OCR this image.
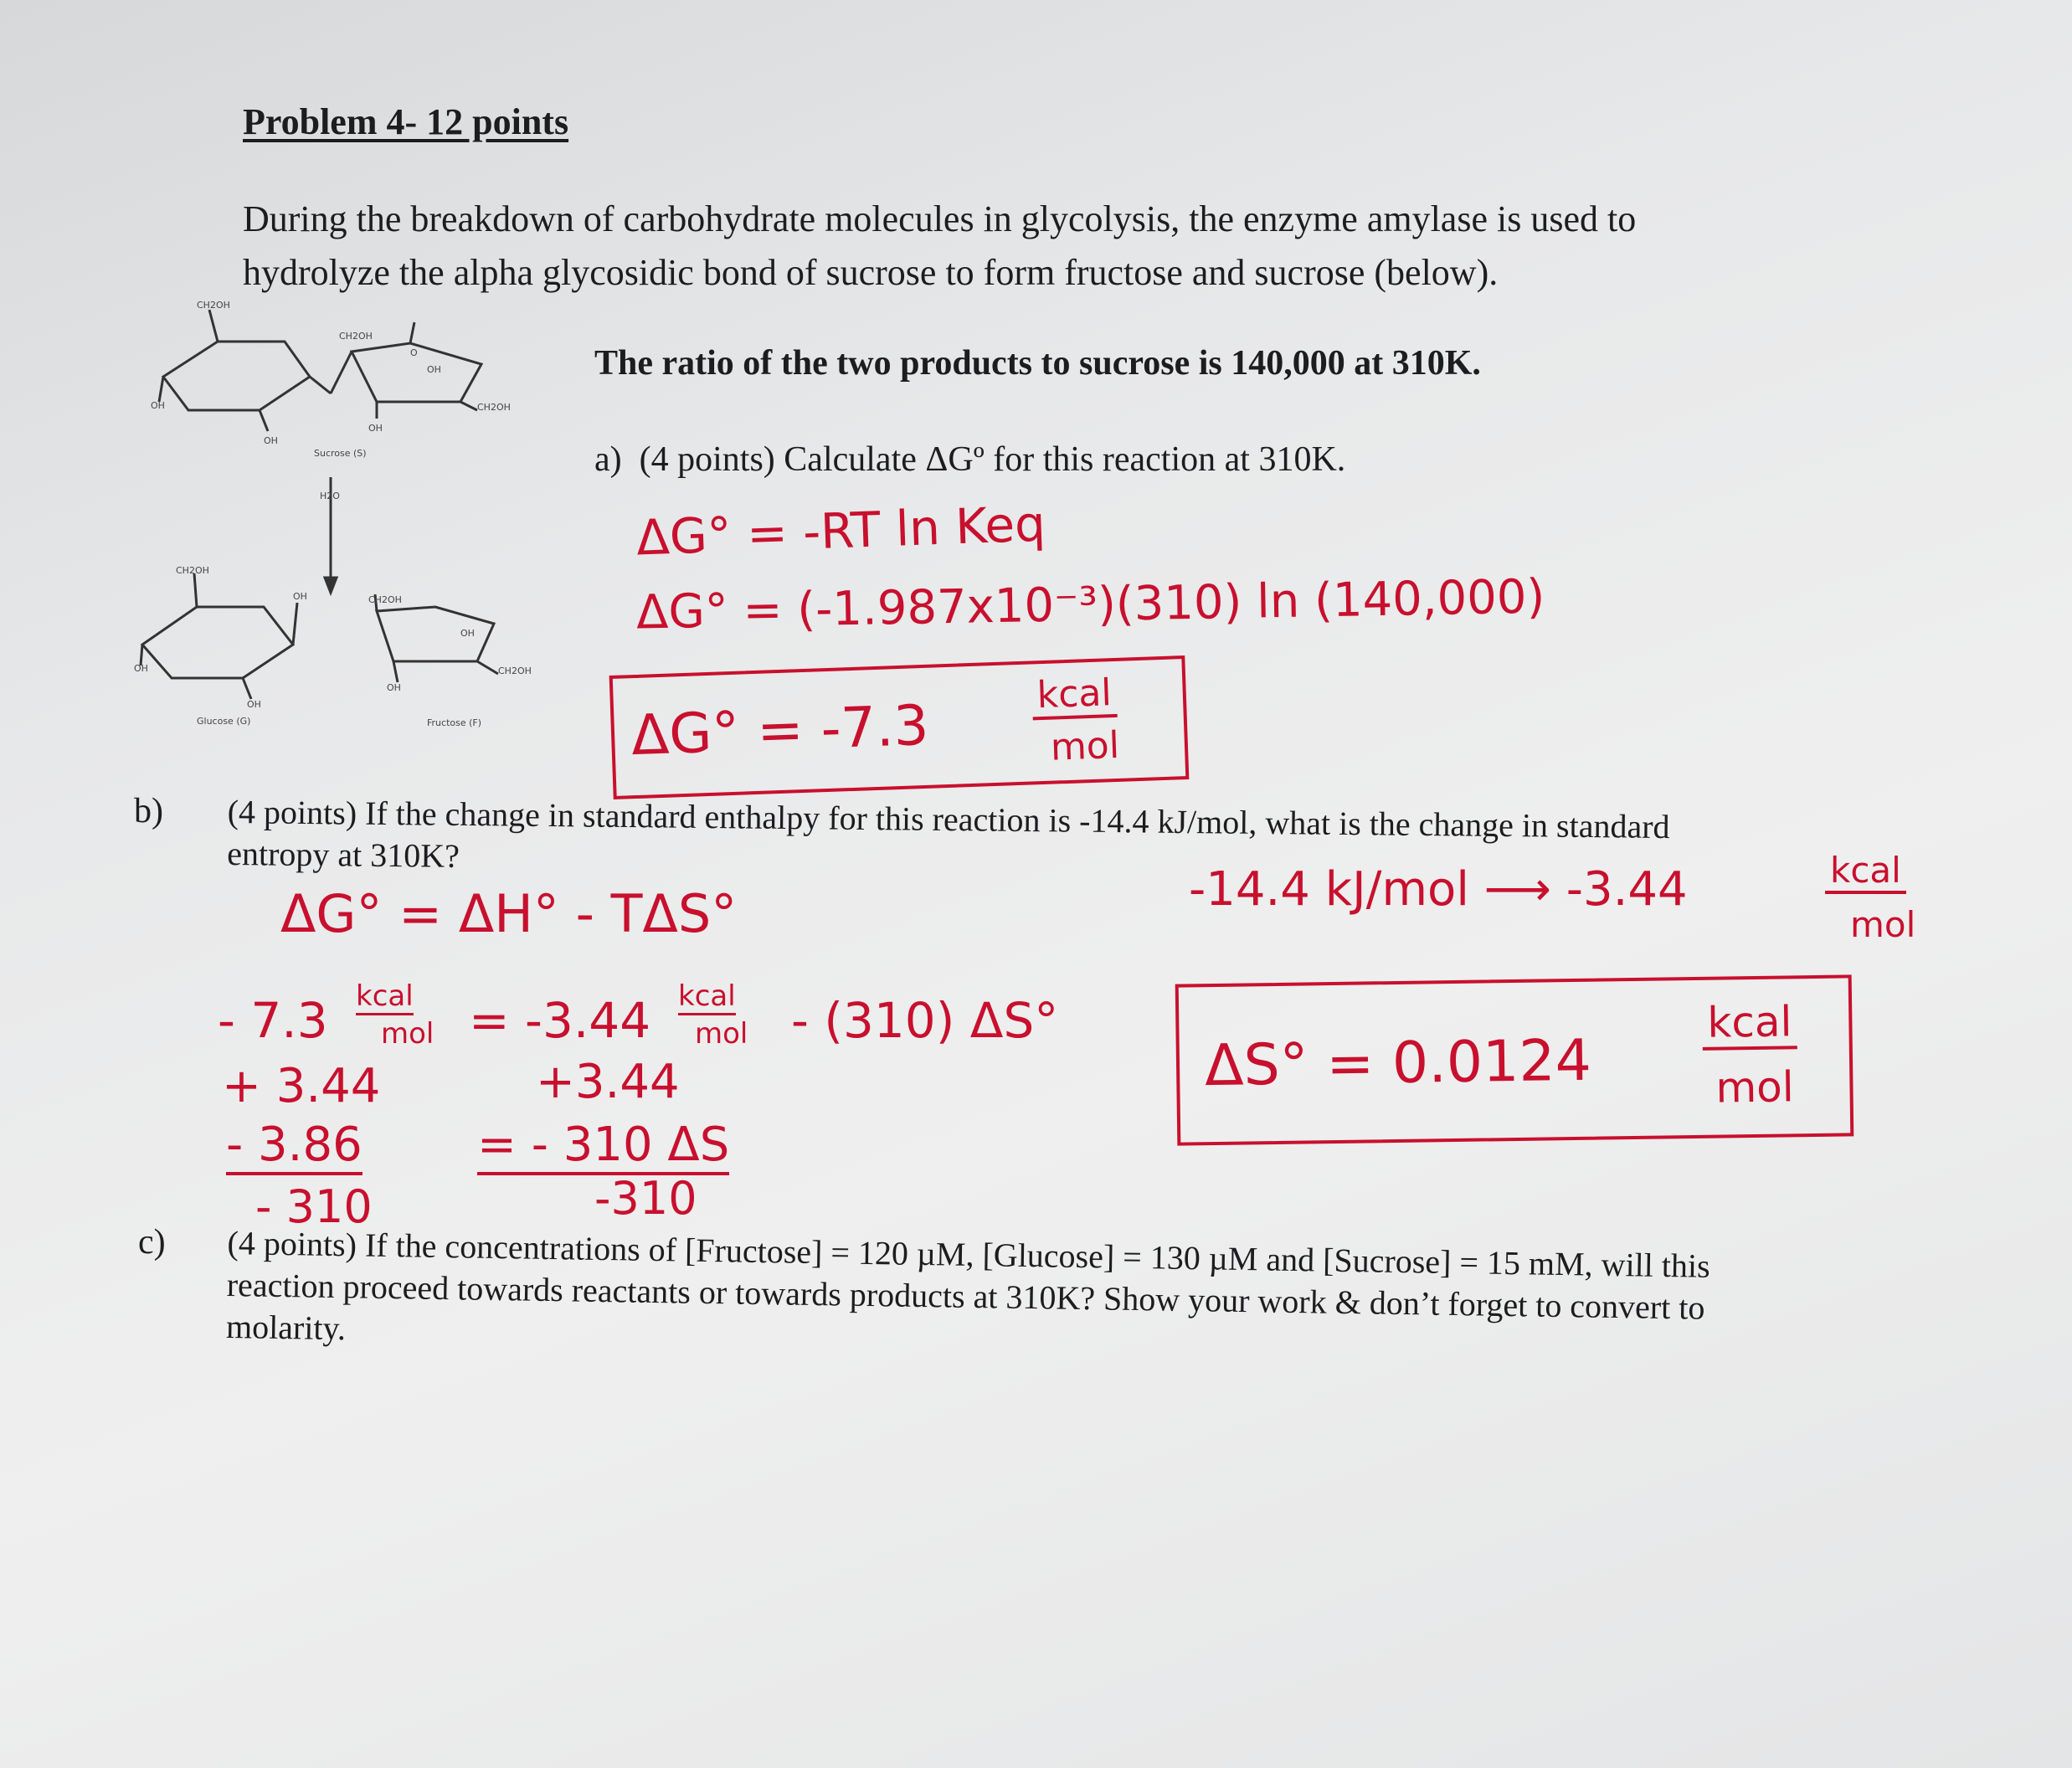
Problem 4- 12 points
During the breakdown of carbohydrate molecules in glycolysis, the enzyme amylase is used to hydrolyze the alpha glycosidic bond of sucrose to form fructose and sucrose (below).
The ratio of the two products to sucrose is 140,000 at 310K.
a) (4 points) Calculate ΔGº for this reaction at 310K.
b) (4 points) If the change in standard enthalpy for this reaction is -14.4 kJ/mol, what is the change in standard entropy at 310K?
c) (4 points) If the concentrations of [Fructose] = 120 µM, [Glucose] = 130 µM and [Sucrose] = 15 mM, will this reaction proceed towards reactants or towards products at 310K? Show your work & don’t forget to convert to molarity.
CH2OH
CH2OH
CH2OH
OH
OH
OH
OH
O
Sucrose (S)
H2O
CH2OH
CH2OH
CH2OH
OH
OH
OH
OH
OH
Glucose (G)	Fructose (F)
ΔG° = -RT ln Keq
ΔG° = (-1.987x10⁻³)(310) ln (140,000)
ΔG° = -7.3	kcal
mol
ΔG° = ΔH° - TΔS°	-14.4 kJ/mol ⟶ -3.44	kcal
mol
- 7.3 kcal
mol = -3.44 kcal
mol - (310) ΔS°
+ 3.44	+3.44
- 3.86 = - 310 ΔS
- 310	-310
ΔS° = 0.0124
kcal
mol
